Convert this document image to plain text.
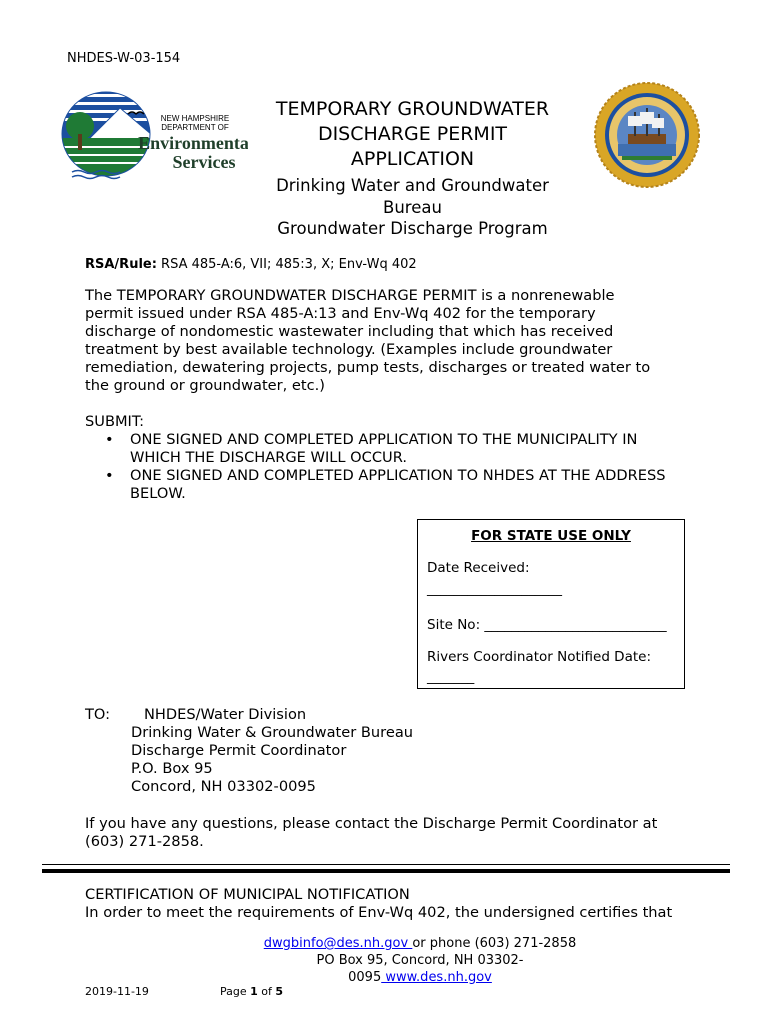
NHDES-W-03-154
NEW HAMPSHIRE
DEPARTMENT OF
Environmental
Services
TEMPORARY GROUNDWATER
DISCHARGE PERMIT
APPLICATION
Drinking Water and Groundwater
Bureau
Groundwater Discharge Program
RSA/Rule: RSA 485-A:6, VII; 485:3, X; Env-Wq 402
The TEMPORARY GROUNDWATER DISCHARGE PERMIT is a nonrenewable
permit issued under RSA 485-A:13 and Env-Wq 402 for the temporary
discharge of nondomestic wastewater including that which has received
treatment by best available technology. (Examples include groundwater
remediation, dewatering projects, pump tests, discharges or treated water to
the ground or groundwater, etc.)
SUBMIT:
• ONE SIGNED AND COMPLETED APPLICATION TO THE MUNICIPALITY IN
WHICH THE DISCHARGE WILL OCCUR.
• ONE SIGNED AND COMPLETED APPLICATION TO NHDES AT THE ADDRESS
BELOW.
FOR STATE USE ONLY
Date Received:
____________________
Site No: ___________________________
Rivers Coordinator Notified Date:
_______
TO: NHDES/Water Division
Drinking Water & Groundwater Bureau
Discharge Permit Coordinator
P.O. Box 95
Concord, NH 03302-0095
If you have any questions, please contact the Discharge Permit Coordinator at
(603) 271-2858.
CERTIFICATION OF MUNICIPAL NOTIFICATION
In order to meet the requirements of Env-Wq 402, the undersigned certifies that
dwgbinfo@des.nh.gov or phone (603) 271-2858
PO Box 95, Concord, NH 03302-
0095 www.des.nh.gov
2019-11-19	Page 1 of 5
